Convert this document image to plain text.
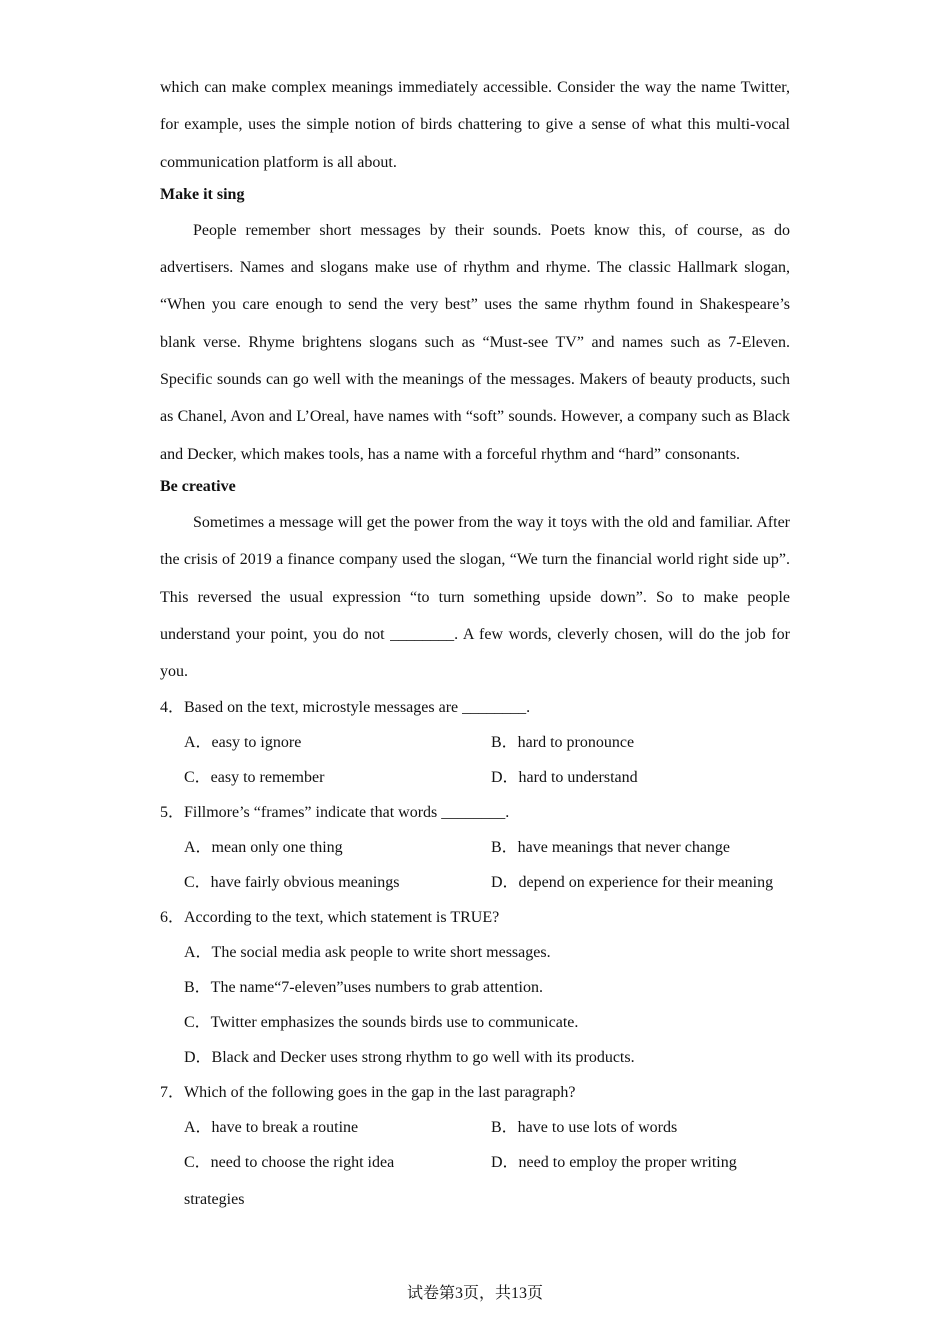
which can make complex meanings immediately accessible. Consider the way the name Twitter, for example, uses the simple notion of birds chattering to give a sense of what this multi-vocal communication platform is all about.

Make it sing

People remember short messages by their sounds. Poets know this, of course, as do advertisers. Names and slogans make use of rhythm and rhyme. The classic Hallmark slogan, “When you care enough to send the very best” uses the same rhythm found in Shakespeare’s blank verse. Rhyme brightens slogans such as “Must-see TV” and names such as 7-Eleven. Specific sounds can go well with the meanings of the messages. Makers of beauty products, such as Chanel, Avon and L’Oreal, have names with “soft” sounds. However, a company such as Black and Decker, which makes tools, has a name with a forceful rhythm and “hard” consonants.

Be creative

Sometimes a message will get the power from the way it toys with the old and familiar. After the crisis of 2019 a finance company used the slogan, “We turn the financial world right side up”. This reversed the usual expression “to turn something upside down”. So to make people understand your point, you do not ________. A few words, cleverly chosen, will do the job for you.

4．Based on the text, microstyle messages are ________.

A．easy to ignore	B．hard to pronounce
C．easy to remember	D．hard to understand

5．Fillmore’s “frames” indicate that words ________.

A．mean only one thing	B．have meanings that never change
C．have fairly obvious meanings	D．depend on experience for their meaning

6．According to the text, which statement is TRUE?

A．The social media ask people to write short messages.
B．The name“7-eleven”uses numbers to grab attention.
C．Twitter emphasizes the sounds birds use to communicate.
D．Black and Decker uses strong rhythm to go well with its products.

7．Which of the following goes in the gap in the last paragraph?

A．have to break a routine	B．have to use lots of words
C．need to choose the right idea	D．need to employ the proper writing
strategies
试卷第3页，共13页
